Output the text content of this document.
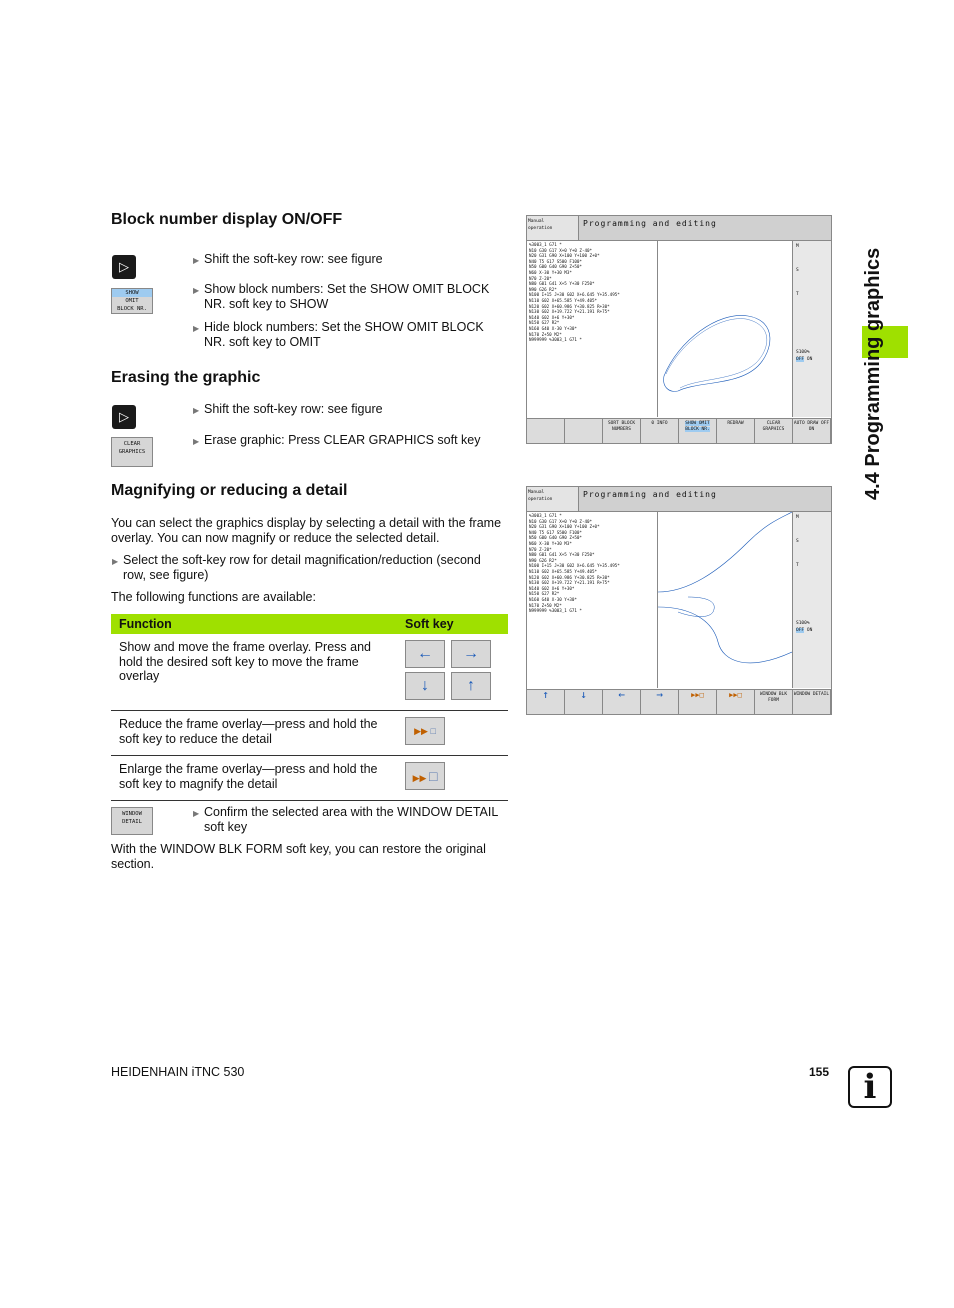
4.4 Programming graphics
Block number display ON/OFF
▷
SHOW
OMIT
BLOCK NR.
▶ Shift the soft-key row: see figure
▶ Show block numbers: Set the SHOW OMIT BLOCK NR. soft key to SHOW
▶ Hide block numbers: Set the SHOW OMIT BLOCK NR. soft key to OMIT
Erasing the graphic
▷
CLEAR
GRAPHICS
▶ Shift the soft-key row: see figure
▶ Erase graphic: Press CLEAR GRAPHICS soft key
Magnifying or reducing a detail
You can select the graphics display by selecting a detail with the frame overlay. You can now magnify or reduce the selected detail.
▶ Select the soft-key row for detail magnification/reduction (second row, see figure)
The following functions are available:
Function	Soft key
Show and move the frame overlay. Press and hold the desired soft key to move the frame overlay	← →
↓ ↑
Reduce the frame overlay—press and hold the soft key to reduce the detail	▶▶ □
Enlarge the frame overlay—press and hold the soft key to magnify the detail	▶▶ □
WINDOW
DETAIL
▶ Confirm the selected area with the WINDOW DETAIL soft key
With the WINDOW BLK FORM soft key, you can restore the original section.
Manual
operation
Programming and editing
%3003_1 G71 *
N10 G30 G17 X+0 Y+0 Z-40*
N20 G31 G90 X+100 Y+100 Z+0*
N40 T5 G17 S500 F100*
N50 G00 G40 G90 Z+50*
N60 X-30 Y+30 M3*
N70 Z-20*
N80 G01 G41 X+5 Y+30 F250*
N90 G26 R2*
N100 I+15 J+30 G02 X+6.645 Y+35.495*
N110 G02 X+65.585 Y+49.405*
N120 G02 X+60.986 Y+30.825 R+30*
N130 G02 X+19.722 Y+21.191 R+75*
N140 G02 X+6 Y+30*
N150 G27 R2*
N160 G40 X-30 Y+30*
N170 Z+50 M2*
N999999 %3003_1 G71 *
M
S
T
S100%
OFF ON
SORT BLOCK NUMBERS
0 INFO	SHOW OMIT BLOCK NR.
REDRAW	CLEAR GRAPHICS
AUTO DRAW OFF ON
Manual
operation
Programming and editing
%3003_1 G71 *
N10 G30 G17 X+0 Y+0 Z-40*
N20 G31 G90 X+100 Y+100 Z+0*
N40 T5 G17 S500 F100*
N50 G00 G40 G90 Z+50*
N60 X-30 Y+30 M3*
N70 Z-20*
N80 G01 G41 X+5 Y+30 F250*
N90 G26 R2*
N100 I+15 J+30 G02 X+6.645 Y+35.495*
N110 G02 X+65.585 Y+49.405*
N120 G02 X+60.986 Y+30.825 R+30*
N130 G02 X+19.722 Y+21.191 R+75*
N140 G02 X+6 Y+30*
N150 G27 R2*
N160 G40 X-30 Y+30*
N170 Z+50 M2*
N999999 %3003_1 G71 *
M
S
T
S100%
OFF ON
↑	↓	←	→	▶▶□	▶▶□	WINDOW BLK FORM
WINDOW DETAIL
HEIDENHAIN iTNC 530	155	i
